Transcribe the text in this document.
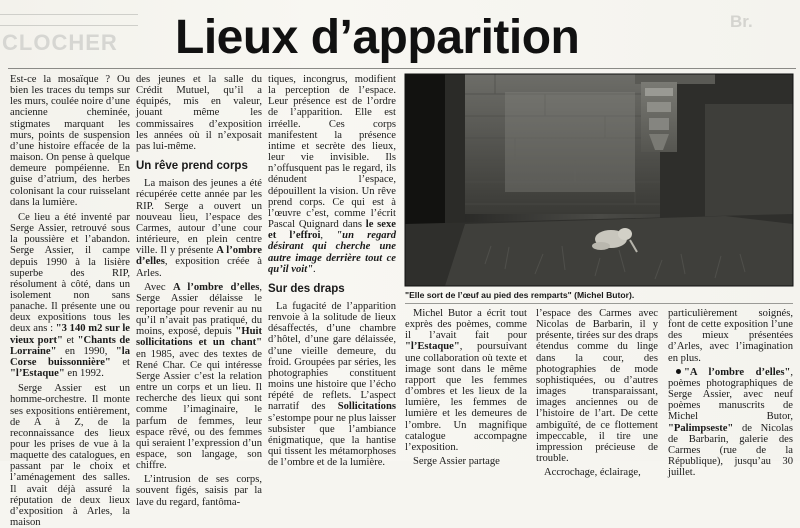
CLOCHER
Br.
Lieux d’apparition

Est-ce la mosaïque ? Ou bien les traces du temps sur les murs, coulée noire d’une ancienne cheminée, stigmates marquant les murs, points de suspension d’une histoire effacée de la maison. On pense à quelque demeure pompéienne. En guise d’atrium, des herbes colonisant la cour ruisselant dans la lumière.

Ce lieu a été inventé par Serge Assier, retrouvé sous la poussière et l’abandon. Serge Assier, il campe depuis 1990 à la lisière superbe des RIP, résolument à côté, dans un isolement non sans panache. Il présente une ou deux expositions tous les deux ans : "3 140 m2 sur le vieux port" et "Chants de Lorraine" en 1990, "la Corse buissonnière" et "l’Estaque" en 1992.

Serge Assier est un homme-orchestre. Il monte ses expositions entièrement, de A à Z, de la reconnaissance des lieux pour les prises de vue à la maquette des catalogues, en passant par le choix et l’aménagement des salles. Il avait déjà assuré la réputation de deux lieux d’exposition à Arles, la maison

des jeunes et la salle du Crédit Mutuel, qu’il a équipés, mis en valeur, jouant même les commissaires d’exposition les années où il n’exposait pas lui-même.

Un rêve prend corps

La maison des jeunes a été récupérée cette année par les RIP. Serge a ouvert un nouveau lieu, l’espace des Carmes, autour d’une cour intérieure, en plein centre ville. Il y présente A l’ombre d’elles, exposition créée à Arles.

Avec A l’ombre d’elles, Serge Assier délaisse le reportage pour revenir au nu qu’il n’avait pas pratiqué, du moins, exposé, depuis "Huit sollicitations et un chant" en 1985, avec des textes de René Char. Ce qui intéresse Serge Assier c’est la relation entre un corps et un lieu. Il recherche des lieux qui sont comme l’imaginaire, le parfum de femmes, leur espace rêvé, ou des femmes qui seraient l’expression d’un espace, son langage, son chiffre.

L’intrusion de ses corps, souvent figés, saisis par la lave du regard, fantôma-

tiques, incongrus, modifient la perception de l’espace. Leur présence est de l’ordre de l’apparition. Elle est irréelle. Ces corps manifestent la présence intime et secrète des lieux, leur vie invisible. Ils n’offusquent pas le regard, ils dénudent l’espace, dépouillent la vision. Un rêve prend corps. Ce qui est à l’œuvre c’est, comme l’écrit Pascal Quignard dans le sexe et l’effroi, "un regard désirant qui cherche une autre image derrière tout ce qu’il voit".

Sur des draps

La fugacité de l’apparition renvoie à la solitude de lieux désaffectés, d’une chambre d’hôtel, d’une gare délaissée, d’une vieille demeure, du froid. Groupées par séries, les photographies constituent moins une histoire que l’écho répété de reflets. L’aspect narratif des Sollicitations s’estompe pour ne plus laisser subsister que l’ambiance énigmatique, que la hantise qui tissent les métamorphoses de l’ombre et de la lumière.

"Elle sort de l’œuf au pied des remparts" (Michel Butor).

Michel Butor a écrit tout exprès des poèmes, comme il l’avait fait pour "l’Estaque", poursuivant une collaboration où texte et image sont dans le même rapport que les femmes d’ombres et les lieux de la lumière, les femmes de lumière et les demeures de l’ombre. Un magnifique catalogue accompagne l’exposition.

Serge Assier partage

l’espace des Carmes avec Nicolas de Barbarin, il y présente, tirées sur des draps étendus comme du linge dans la cour, des photographies de mode sophistiquées, ou d’autres images transparaissant, images anciennes ou de l’histoire de l’art. De cette ambiguïté, de ce flottement impeccable, il tire une impression précieuse de trouble.

Accrochage, éclairage,

particulièrement soignés, font de cette exposition l’une des mieux présentées d’Arles, avec l’imagination en plus.

"A l’ombre d’elles", poèmes photographiques de Serge Assier, avec neuf poèmes manuscrits de Michel Butor, "Palimpseste" de Nicolas de Barbarin, galerie des Carmes (rue de la République), jusqu’au 30 juillet.
